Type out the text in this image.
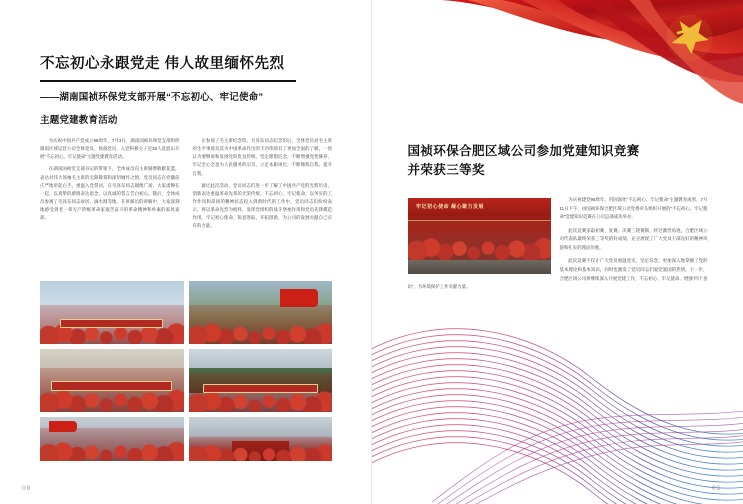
不忘初心永跟党走 伟人故里缅怀先烈
——湖南国祯环保党支部开展“不忘初心、牢记使命”
主题党建教育活动

为庆祝中国共产党成立98周年，7月3日，湖南国祯环保党支部组织湖南区域运营公司全体党员、预备党员、入党积极分子近30人赴韶山开展“不忘初心、牢记使命”主题党建教育活动。

在湖南国祯党支部书记的带领下，全体成员向主席铜像敬献花篮，表达对伟大领袖毛主席的无限敬慕和深切缅怀之情，党员同志在党徽前庄严地举起右手、重温入党誓词，在毛泽东同志铜像广场，大家肃穆在一起，以真挚的感情表达思念，以真诚的誓言告白初心。随后，全体成员参观了毛泽东同志故居、滴水洞等地，在讲解员的讲解中，大家深刻地感受到老一辈无产阶级革命家艰苦奋斗的革命精神和朴素的家风家训。

在参观了毛主席纪念馆、毛泽东同志纪念馆后，全体党员对毛主席的生平事迹及其为中国革命作出的丰功伟绩有了更加全面的了解，一致认为要继承和发扬党的优良传统，坚定理想信念，不断增强党性修养，牢记全心全意为人民服务的宗旨，立足本职岗位，不断锤炼自我、提升自我。

通过此次活动，党员同志们进一步了解了中国共产党的光辉历史，创新表达重温革命先辈的光荣传统。不忘初心，牢记使命，以务实的工作作风和昂扬的精神状态投入到新时代的工作中。党员同志们纷纷表示，将以革命先烈为榜样，发挥党组织的战斗堡垒作用和党员先锋模范作用，牢记初心使命，锐意进取，开拓创新，为公司的发展贡献自己应有的力量。

08
国祯环保合肥区域公司参加党建知识竞赛
并荣获三等奖
牢记初心使命 凝心聚力发展

为庆祝建党98周年，巩固深化“不忘初心、牢记使命”主题教育成果，7月11日下午，由国祯环保合肥区域公司党委牵头组织开展的“不忘初心、牢记使命”党建知识竞赛在公司总部成功举办。

此次竞赛采取初赛、复赛、决赛三轮赛制，经过激烈角逐，合肥区域公司代表队最终荣获三等奖的好成绩，充分展现了广大党员干部良好的精神风貌和扎实的理论功底。

此次竞赛不仅让广大党员重温党史、坚定信念，更加深入地掌握了党的基本理论和基本知识，同时也激发了党员同志们爱党爱国的热情。下一步，合肥区域公司将继续深入开展党建工作，不忘初心、牢记使命、增强“四个意识”，为环境保护工作贡献力量。

09
